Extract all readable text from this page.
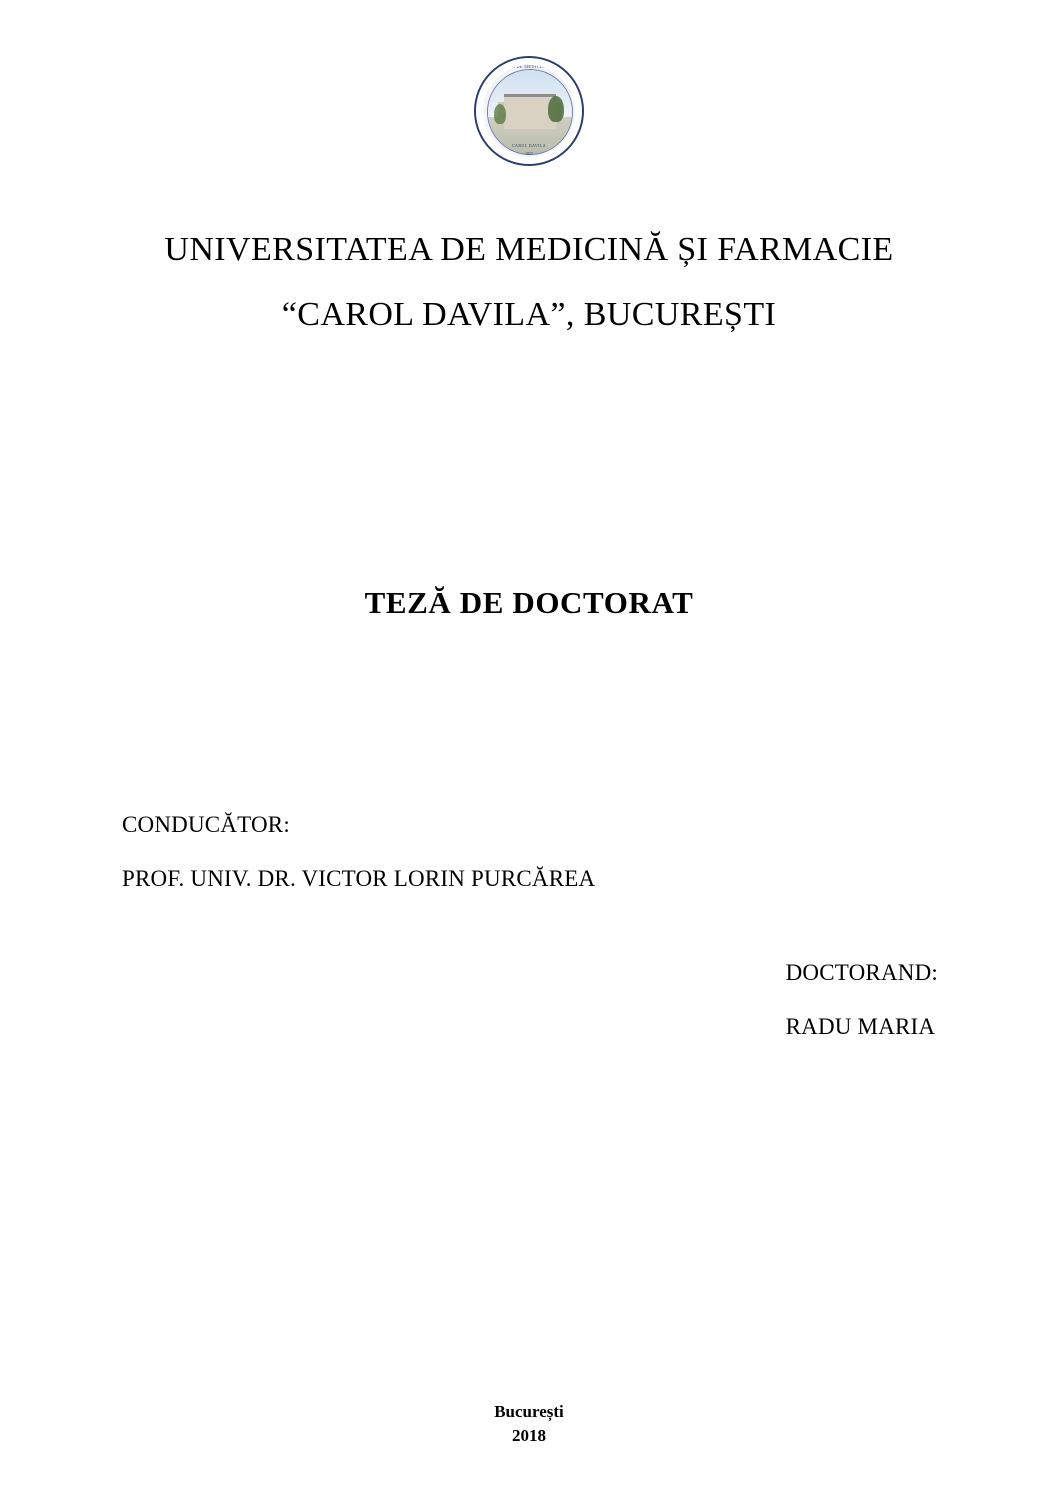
UNIVERSITATEA DE MEDICINĂ ȘI FARMACIE
CAROL DAVILA
1857
UNIVERSITATEA DE MEDICINĂ ȘI FARMACIE
“CAROL DAVILA”, BUCUREȘTI
TEZĂ DE DOCTORAT
CONDUCĂTOR:
PROF. UNIV. DR. VICTOR LORIN PURCĂREA
DOCTORAND:
RADU MARIA
București
2018
